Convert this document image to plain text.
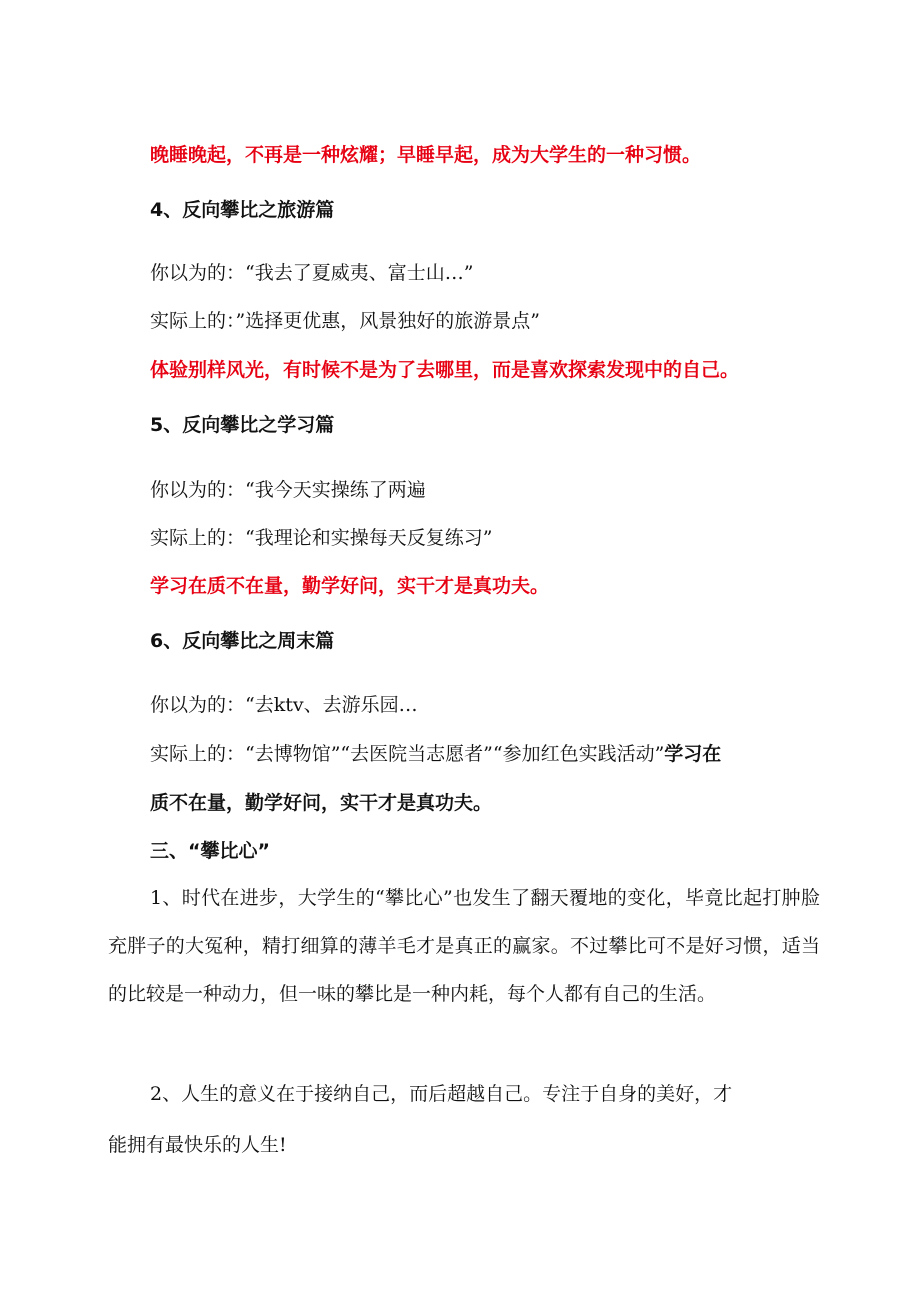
晚睡晚起，不再是一种炫耀；早睡早起，成为大学生的一种习惯。
4、反向攀比之旅游篇
你以为的：“我去了夏威夷、富士山…”
实际上的：”选择更优惠，风景独好的旅游景点”
体验别样风光，有时候不是为了去哪里，而是喜欢探索发现中的自己。
5、反向攀比之学习篇
你以为的：“我今天实操练了两遍
实际上的：“我理论和实操每天反复练习”
学习在质不在量，勤学好问，实干才是真功夫。
6、反向攀比之周末篇
你以为的：“去ktv、去游乐园…
实际上的：“去博物馆”“去医院当志愿者”“参加红色实践活动”学习在
质不在量，勤学好问，实干才是真功夫。
三、“攀比心”
1、时代在进步，大学生的“攀比心”也发生了翻天覆地的变化，毕竟比起打肿脸充胖子的大冤种，精打细算的薄羊毛才是真正的赢家。不过攀比可不是好习惯，适当的比较是一种动力，但一味的攀比是一种内耗，每个人都有自己的生活。
2、人生的意义在于接纳自己，而后超越自己。专注于自身的美好，才
能拥有最快乐的人生!
